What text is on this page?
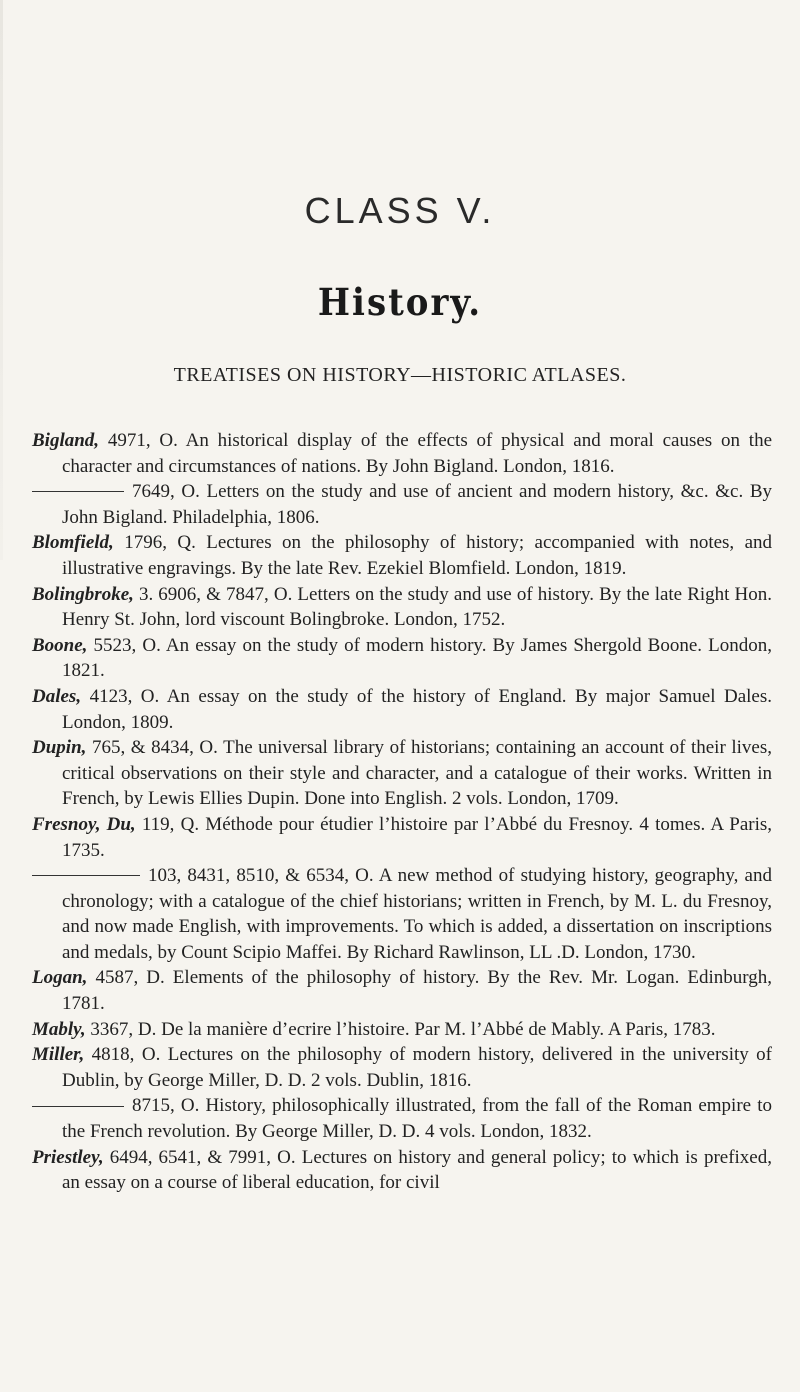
CLASS V.
History.
TREATISES ON HISTORY—HISTORIC ATLASES.

Bigland, 4971, O. An historical display of the effects of physical and moral causes on the character and circumstances of nations. By John Bigland. London, 1816.

7649, O. Letters on the study and use of ancient and modern history, &c. &c. By John Bigland. Philadelphia, 1806.

Blomfield, 1796, Q. Lectures on the philosophy of history; accompanied with notes, and illustrative engravings. By the late Rev. Ezekiel Blomfield. London, 1819.

Bolingbroke, 3. 6906, & 7847, O. Letters on the study and use of history. By the late Right Hon. Henry St. John, lord viscount Bolingbroke. London, 1752.

Boone, 5523, O. An essay on the study of modern history. By James Shergold Boone. London, 1821.

Dales, 4123, O. An essay on the study of the history of England. By major Samuel Dales. London, 1809.

Dupin, 765, & 8434, O. The universal library of historians; containing an account of their lives, critical observations on their style and character, and a catalogue of their works. Written in French, by Lewis Ellies Dupin. Done into English. 2 vols. London, 1709.

Fresnoy, Du, 119, Q. Méthode pour étudier l’histoire par l’Abbé du Fresnoy. 4 tomes. A Paris, 1735.

103, 8431, 8510, & 6534, O. A new method of studying history, geography, and chronology; with a catalogue of the chief historians; written in French, by M. L. du Fresnoy, and now made English, with improvements. To which is added, a dissertation on inscriptions and medals, by Count Scipio Maffei. By Richard Rawlinson, LL .D. London, 1730.

Logan, 4587, D. Elements of the philosophy of history. By the Rev. Mr. Logan. Edinburgh, 1781.

Mably, 3367, D. De la manière d’ecrire l’histoire. Par M. l’Abbé de Mably. A Paris, 1783.

Miller, 4818, O. Lectures on the philosophy of modern history, delivered in the university of Dublin, by George Miller, D. D. 2 vols. Dublin, 1816.

8715, O. History, philosophically illustrated, from the fall of the Roman empire to the French revolution. By George Miller, D. D. 4 vols. London, 1832.

Priestley, 6494, 6541, & 7991, O. Lectures on history and general policy; to which is prefixed, an essay on a course of liberal education, for civil
